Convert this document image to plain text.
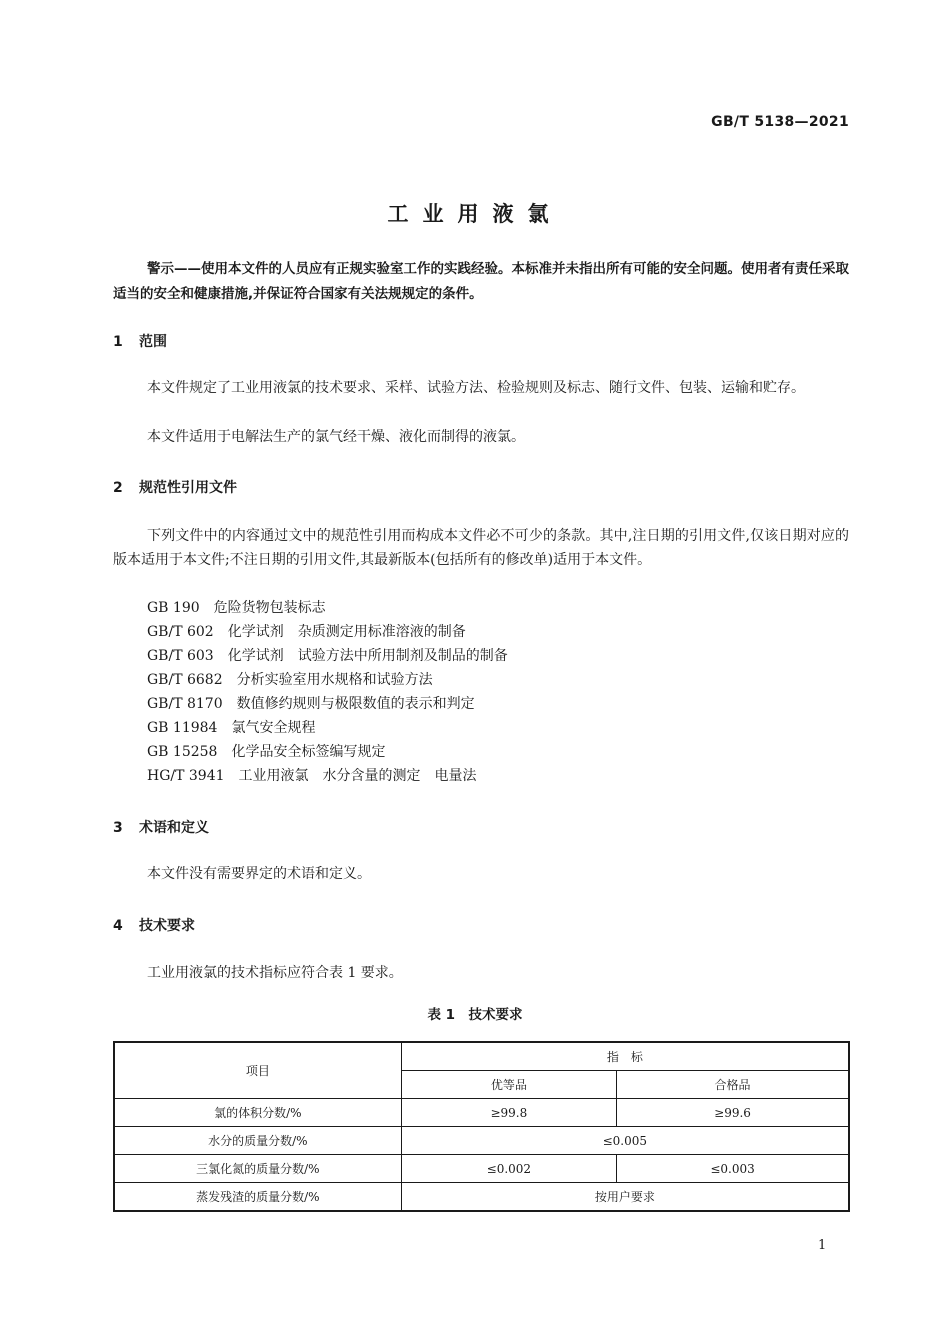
GB/T 5138—2021
工业用液氯
警示——使用本文件的人员应有正规实验室工作的实践经验。本标准并未指出所有可能的安全问题。使用者有责任采取适当的安全和健康措施,并保证符合国家有关法规规定的条件。
1 范围
本文件规定了工业用液氯的技术要求、采样、试验方法、检验规则及标志、随行文件、包装、运输和贮存。
本文件适用于电解法生产的氯气经干燥、液化而制得的液氯。
2 规范性引用文件
下列文件中的内容通过文中的规范性引用而构成本文件必不可少的条款。其中,注日期的引用文件,仅该日期对应的版本适用于本文件;不注日期的引用文件,其最新版本(包括所有的修改单)适用于本文件。
GB 190 危险货物包装标志
GB/T 602 化学试剂　杂质测定用标准溶液的制备
GB/T 603 化学试剂　试验方法中所用制剂及制品的制备
GB/T 6682 分析实验室用水规格和试验方法
GB/T 8170 数值修约规则与极限数值的表示和判定
GB 11984 氯气安全规程
GB 15258 化学品安全标签编写规定
HG/T 3941 工业用液氯　水分含量的测定　电量法
3 术语和定义
本文件没有需要界定的术语和定义。
4 技术要求
工业用液氯的技术指标应符合表 1 要求。
表 1　技术要求
项目	指　标	
	优等品	合格品
氯的体积分数/%	≥99.8	≥99.6
水分的质量分数/%	≤0.005	
三氯化氮的质量分数/%	≤0.002	≤0.003
蒸发残渣的质量分数/%	按用户要求	
1
